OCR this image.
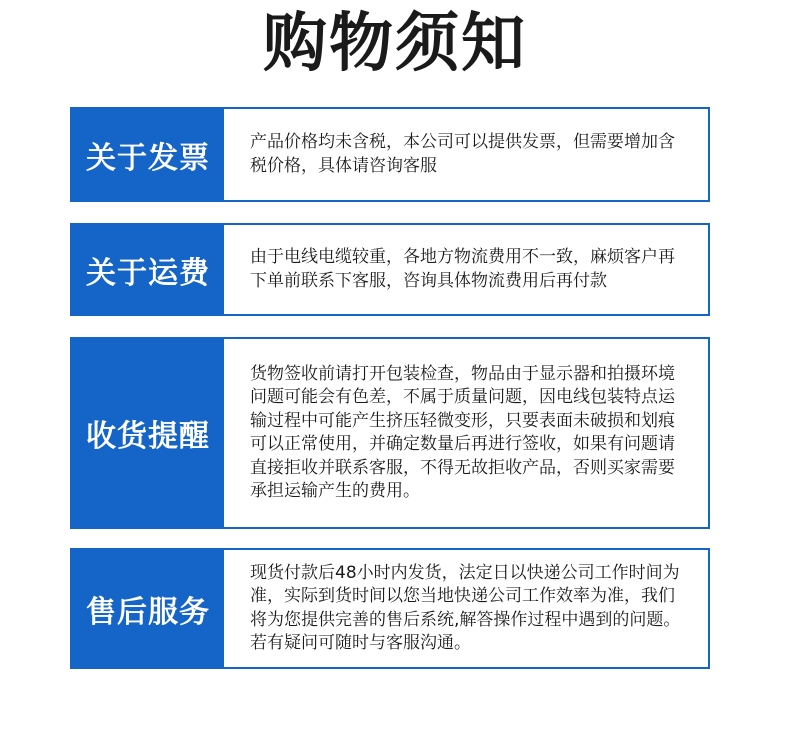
购物须知
关于发票	产品价格均未含税，本公司可以提供发票，但需要增加含税价格，具体请咨询客服
关于运费	由于电线电缆较重，各地方物流费用不一致，麻烦客户再下单前联系下客服，咨询具体物流费用后再付款
收货提醒
货物签收前请打开包装检查，物品由于显示器和拍摄环境问题可能会有色差，不属于质量问题，因电线包装特点运输过程中可能产生挤压轻微变形，只要表面未破损和划痕可以正常使用，并确定数量后再进行签收，如果有问题请直接拒收并联系客服，不得无故拒收产品，否则买家需要承担运输产生的费用。
售后服务
现货付款后48小时内发货，法定日以快递公司工作时间为准，实际到货时间以您当地快递公司工作效率为准，我们将为您提供完善的售后系统,解答操作过程中遇到的问题。若有疑问可随时与客服沟通。
